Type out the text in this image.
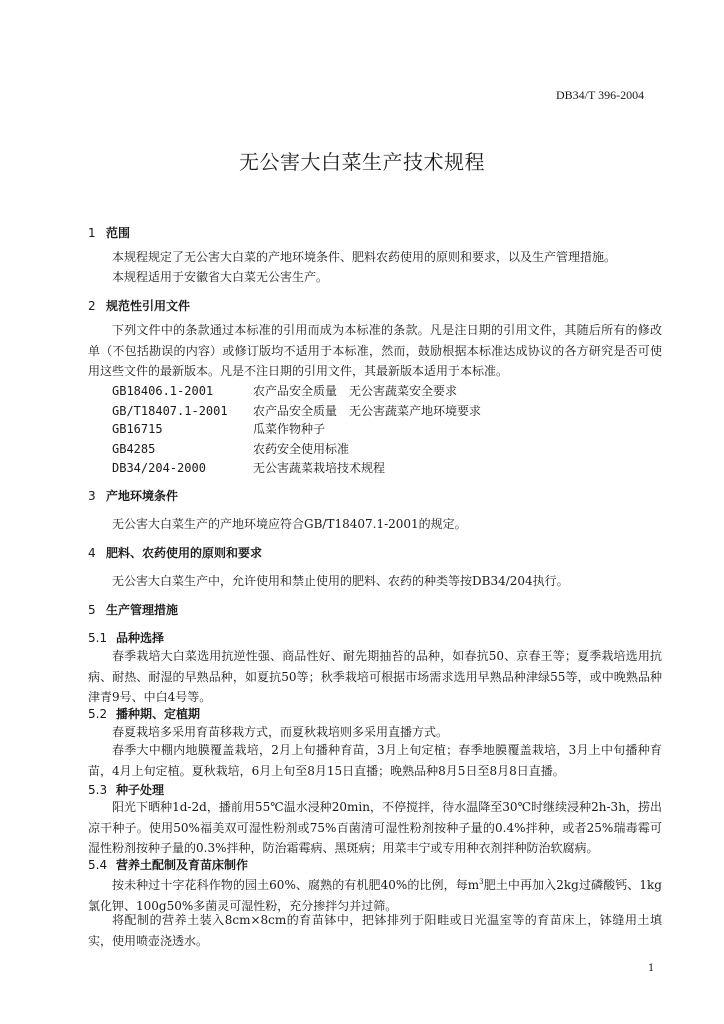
DB34/T 396-2004
无公害大白菜生产技术规程
1 范围
本规程规定了无公害大白菜的产地环境条件、肥料农药使用的原则和要求，以及生产管理措施。
本规程适用于安徽省大白菜无公害生产。
2 规范性引用文件
下列文件中的条款通过本标准的引用而成为本标准的条款。凡是注日期的引用文件，其随后所有的修改单（不包括勘误的内容）或修订版均不适用于本标准，然而，鼓励根据本标准达成协议的各方研究是否可使用这些文件的最新版本。凡是不注日期的引用文件，其最新版本适用于本标准。
GB18406.1-2001	农产品安全质量　无公害蔬菜安全要求
GB/T18407.1-2001 农产品安全质量　无公害蔬菜产地环境要求
GB16715	瓜菜作物种子
GB4285	农药安全使用标准
DB34/204-2000	无公害蔬菜栽培技术规程
3 产地环境条件
无公害大白菜生产的产地环境应符合GB/T18407.1-2001的规定。
4 肥料、农药使用的原则和要求
无公害大白菜生产中，允许使用和禁止使用的肥料、农药的种类等按DB34/204执行。
5 生产管理措施
5.1 品种选择
春季栽培大白菜选用抗逆性强、商品性好、耐先期抽苔的品种，如春抗50、京春王等；夏季栽培选用抗病、耐热、耐湿的早熟品种，如夏抗50等；秋季栽培可根据市场需求选用早熟品种津绿55等，或中晚熟品种津青9号、中白4号等。
5.2 播种期、定植期
春夏栽培多采用育苗移栽方式，而夏秋栽培则多采用直播方式。
春季大中棚内地膜覆盖栽培，2月上旬播种育苗，3月上旬定植；春季地膜覆盖栽培，3月上中旬播种育苗，4月上旬定植。夏秋栽培，6月上旬至8月15日直播；晚熟品种8月5日至8月8日直播。
5.3 种子处理
阳光下晒种1d-2d，播前用55℃温水浸种20min，不停搅拌，待水温降至30℃时继续浸种2h-3h，捞出凉干种子。使用50%福美双可湿性粉剂或75%百菌清可湿性粉剂按种子量的0.4%拌种，或者25%瑞毒霉可湿性粉剂按种子量的0.3%拌种，防治霜霉病、黑斑病；用菜丰宁或专用种衣剂拌种防治软腐病。
5.4 营养土配制及育苗床制作
按未种过十字花科作物的园土60%、腐熟的有机肥40%的比例，每$m^3$肥土中再加入2kg过磷酸钙、1kg氯化钾、100g50%多菌灵可湿性粉，充分掺拌匀并过筛。
将配制的营养土装入8cm×8cm的育苗钵中，把钵排列于阳畦或日光温室等的育苗床上，钵缝用土填实，使用喷壶浇透水。
1
